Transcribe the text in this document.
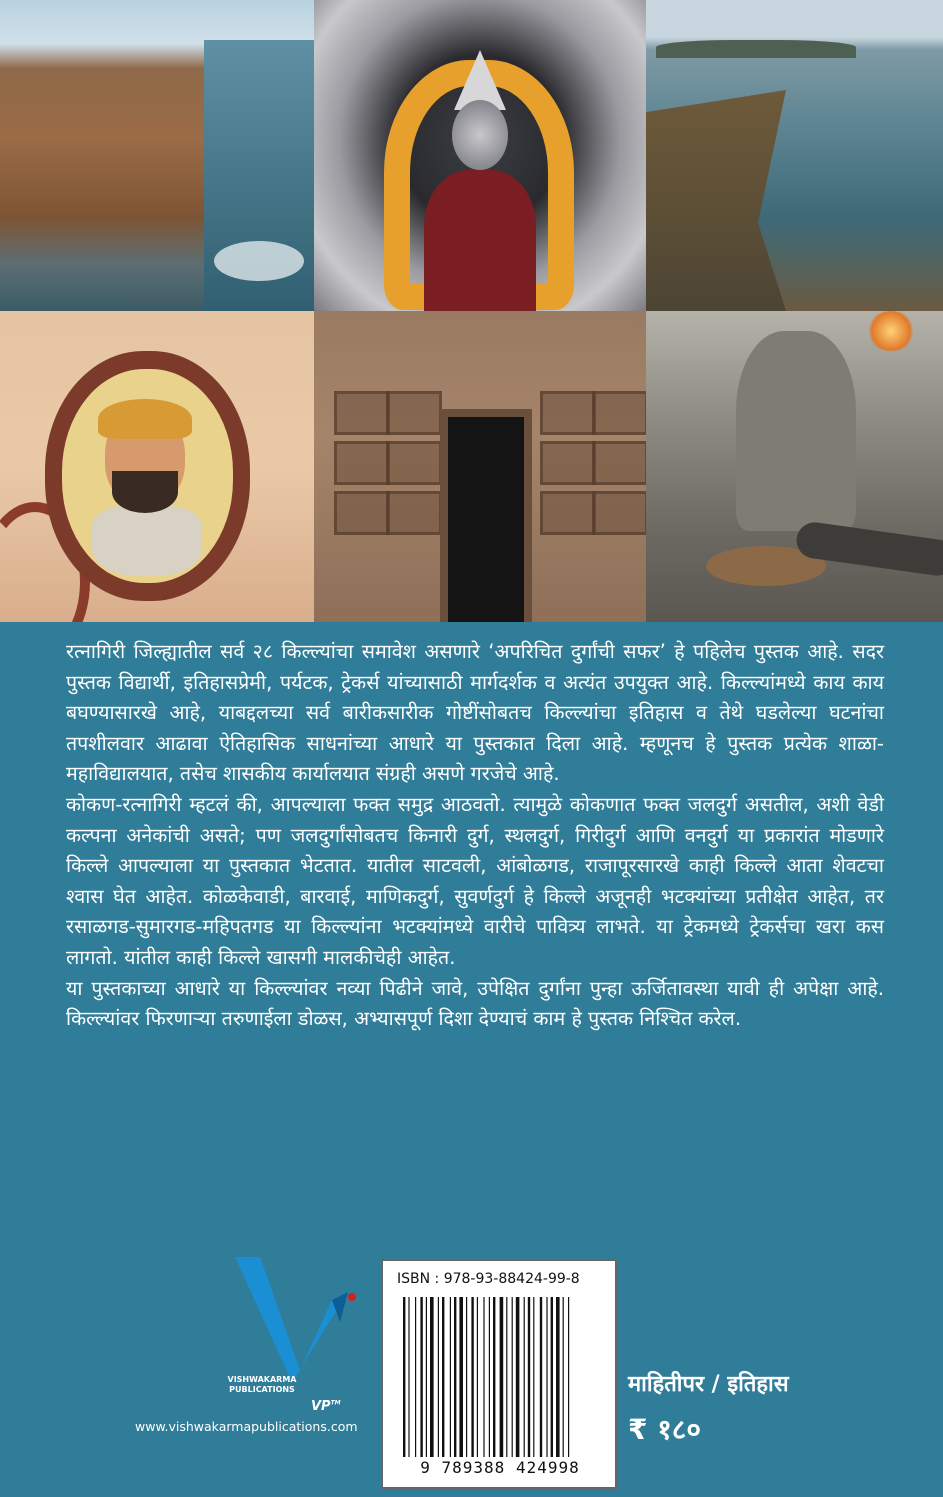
रत्नागिरी जिल्ह्यातील सर्व २८ किल्ल्यांचा समावेश असणारे ‘अपरिचित दुर्गांची सफर’ हे पहिलेच पुस्तक आहे. सदर पुस्तक विद्यार्थी, इतिहासप्रेमी, पर्यटक, ट्रेकर्स यांच्यासाठी मार्गदर्शक व अत्यंत उपयुक्त आहे. किल्ल्यांमध्ये काय काय बघण्यासारखे आहे, याबद्दलच्या सर्व बारीकसारीक गोष्टींसोबतच किल्ल्यांचा इतिहास व तेथे घडलेल्या घटनांचा तपशीलवार आढावा ऐतिहासिक साधनांच्या आधारे या पुस्तकात दिला आहे. म्हणूनच हे पुस्तक प्रत्येक शाळा-महाविद्यालयात, तसेच शासकीय कार्यालयात संग्रही असणे गरजेचे आहे.

कोकण-रत्नागिरी म्हटलं की, आपल्याला फक्त समुद्र आठवतो. त्यामुळे कोकणात फक्त जलदुर्ग असतील, अशी वेडी कल्पना अनेकांची असते; पण जलदुर्गांसोबतच किनारी दुर्ग, स्थलदुर्ग, गिरीदुर्ग आणि वनदुर्ग या प्रकारांत मोडणारे किल्ले आपल्याला या पुस्तकात भेटतात. यातील साटवली, आंबोळगड, राजापूरसारखे काही किल्ले आता शेवटचा श्वास घेत आहेत. कोळकेवाडी, बारवाई, माणिकदुर्ग, सुवर्णदुर्ग हे किल्ले अजूनही भटक्यांच्या प्रतीक्षेत आहेत, तर रसाळगड-सुमारगड-महिपतगड या किल्ल्यांना भटक्यांमध्ये वारीचे पावित्र्य लाभते. या ट्रेकमध्ये ट्रेकर्सचा खरा कस लागतो. यांतील काही किल्ले खासगी मालकीचेही आहेत.

या पुस्तकाच्या आधारे या किल्ल्यांवर नव्या पिढीने जावे, उपेक्षित दुर्गांना पुन्हा ऊर्जितावस्था यावी ही अपेक्षा आहे. किल्ल्यांवर फिरणाऱ्या तरुणाईला डोळस, अभ्यासपूर्ण दिशा देण्याचं काम हे पुस्तक निश्चित करेल.

VISHWAKARMA
PUBLICATIONS
VP™
www.vishwakarmapublications.com
ISBN : 978-93-88424-99-8
9 789388 424998
माहितीपर / इतिहास
₹ १८०
